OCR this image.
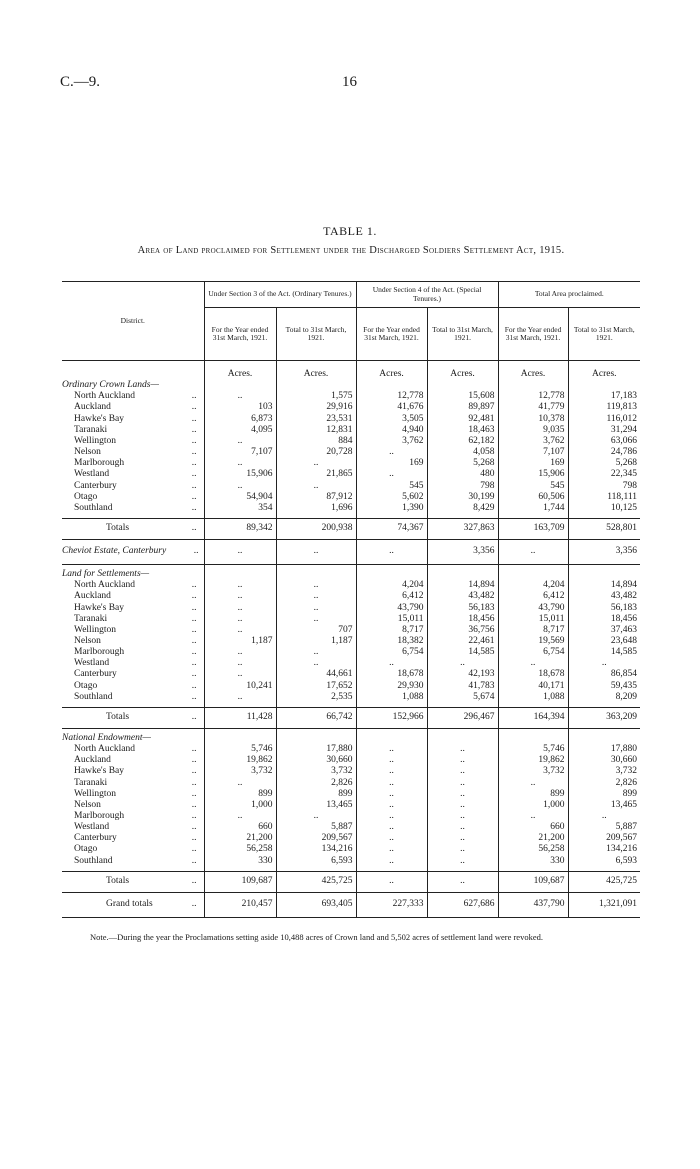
C.—9.	16
TABLE 1.
Area of Land proclaimed for Settlement under the Discharged Soldiers Settlement Act, 1915.
District.	Under Section 3 of the Act. (Ordinary Tenures.)		Under Section 4 of the Act. (Special Tenures.)		Total Area proclaimed.	
	For the Year ended 31st March, 1921.	Total to 31st March, 1921.	For the Year ended 31st March, 1921.	Total to 31st March, 1921.	For the Year ended 31st March, 1921.	Total to 31st March, 1921.
	Acres.	Acres.	Acres.	Acres.	Acres.	Acres.
Ordinary Crown Lands—						

North Auckland ..	..	1,575	12,778	15,608	12,778	17,183

Auckland ..	103	29,916	41,676	89,897	41,779	119,813

Hawke's Bay ..	6,873	23,531	3,505	92,481	10,378	116,012

Taranaki ..	4,095	12,831	4,940	18,463	9,035	31,294

Wellington ..	..	884	3,762	62,182	3,762	63,066

Nelson ..	7,107	20,728	..	4,058	7,107	24,786

Marlborough ..	..	..	169	5,268	169	5,268

Westland ..	15,906	21,865	..	480	15,906	22,345

Canterbury ..	..	..	545	798	545	798

Otago ..	54,904	87,912	5,602	30,199	60,506	118,111

Southland ..	354	1,696	1,390	8,429	1,744	10,125

Totals ..	89,342	200,938	74,367	327,863	163,709	528,801

Cheviot Estate, Canterbury ..	..	..	..	3,356	..	3,356
Land for Settlements—						

North Auckland ..	..	..	4,204	14,894	4,204	14,894

Auckland ..	..	..	6,412	43,482	6,412	43,482

Hawke's Bay ..	..	..	43,790	56,183	43,790	56,183

Taranaki ..	..	..	15,011	18,456	15,011	18,456

Wellington ..	..	707	8,717	36,756	8,717	37,463

Nelson ..	1,187	1,187	18,382	22,461	19,569	23,648

Marlborough ..	..	..	6,754	14,585	6,754	14,585

Westland ..	..	..	..	..	..	..

Canterbury ..	..	44,661	18,678	42,193	18,678	86,854

Otago ..	10,241	17,652	29,930	41,783	40,171	59,435

Southland ..	..	2,535	1,088	5,674	1,088	8,209

Totals ..	11,428	66,742	152,966	296,467	164,394	363,209
National Endowment—						

North Auckland ..	5,746	17,880	..	..	5,746	17,880

Auckland ..	19,862	30,660	..	..	19,862	30,660

Hawke's Bay ..	3,732	3,732	..	..	3,732	3,732

Taranaki ..	..	2,826	..	..	..	2,826

Wellington ..	899	899	..	..	899	899

Nelson ..	1,000	13,465	..	..	1,000	13,465

Marlborough ..	..	..	..	..	..	..

Westland ..	660	5,887	..	..	660	5,887

Canterbury ..	21,200	209,567	..	..	21,200	209,567

Otago ..	56,258	134,216	..	..	56,258	134,216

Southland ..	330	6,593	..	..	330	6,593

Totals ..	109,687	425,725	..	..	109,687	425,725

Grand totals ..	210,457	693,405	227,333	627,686	437,790	1,321,091
Note.—During the year the Proclamations setting aside 10,488 acres of Crown land and 5,502 acres of settlement land were revoked.
